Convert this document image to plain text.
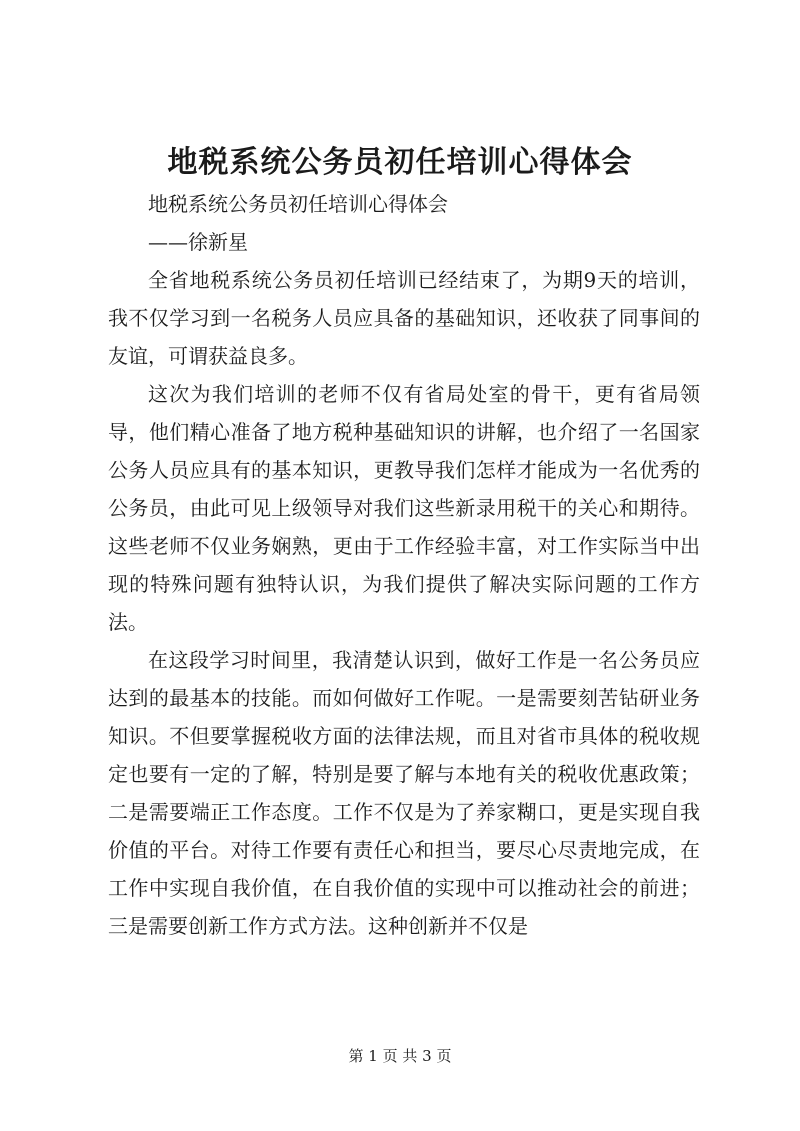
地税系统公务员初任培训心得体会

地税系统公务员初任培训心得体会

——徐新星

全省地税系统公务员初任培训已经结束了，为期9天的培训，我不仅学习到一名税务人员应具备的基础知识，还收获了同事间的友谊，可谓获益良多。

这次为我们培训的老师不仅有省局处室的骨干，更有省局领导，他们精心准备了地方税种基础知识的讲解，也介绍了一名国家公务人员应具有的基本知识，更教导我们怎样才能成为一名优秀的公务员，由此可见上级领导对我们这些新录用税干的关心和期待。这些老师不仅业务娴熟，更由于工作经验丰富，对工作实际当中出现的特殊问题有独特认识，为我们提供了解决实际问题的工作方法。

在这段学习时间里，我清楚认识到，做好工作是一名公务员应达到的最基本的技能。而如何做好工作呢。一是需要刻苦钻研业务知识。不但要掌握税收方面的法律法规，而且对省市具体的税收规定也要有一定的了解，特别是要了解与本地有关的税收优惠政策；二是需要端正工作态度。工作不仅是为了养家糊口，更是实现自我价值的平台。对待工作要有责任心和担当，要尽心尽责地完成，在工作中实现自我价值，在自我价值的实现中可以推动社会的前进；三是需要创新工作方式方法。这种创新并不仅是

第 1 页 共 3 页
